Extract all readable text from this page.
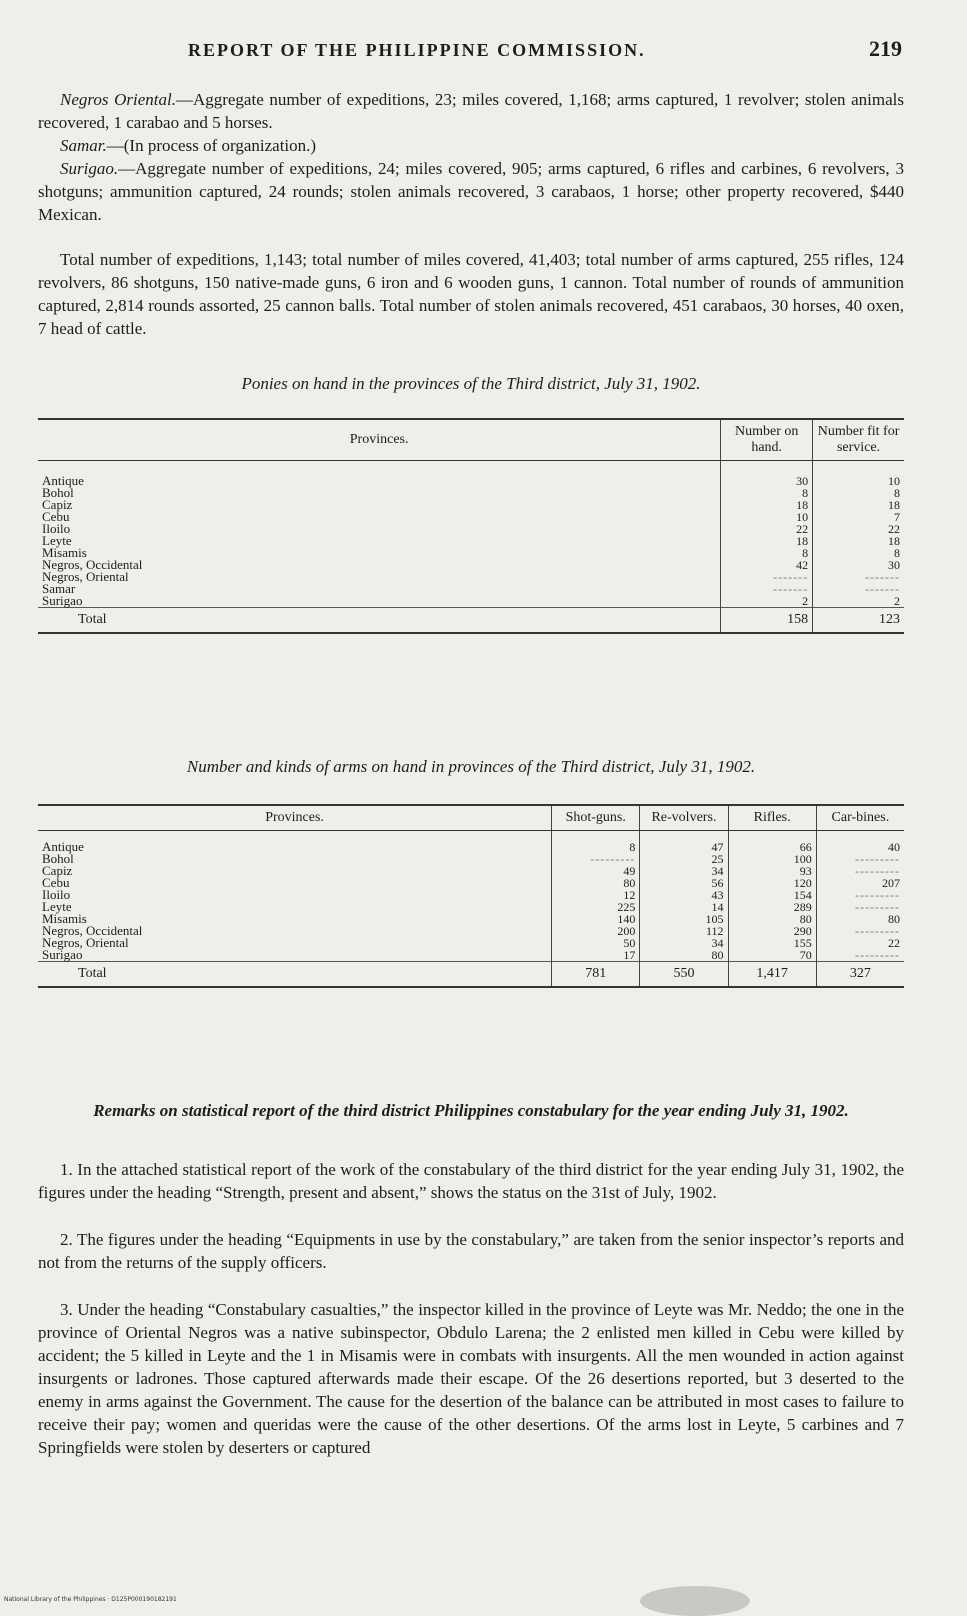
REPORT OF THE PHILIPPINE COMMISSION.	219
Negros Oriental.—Aggregate number of expeditions, 23; miles covered, 1,168; arms captured, 1 revolver; stolen animals recovered, 1 carabao and 5 horses.
Samar.—(In process of organization.)
Surigao.—Aggregate number of expeditions, 24; miles covered, 905; arms captured, 6 rifles and carbines, 6 revolvers, 3 shotguns; ammunition captured, 24 rounds; stolen animals recovered, 3 carabaos, 1 horse; other property recovered, $440 Mexican.
Total number of expeditions, 1,143; total number of miles covered, 41,403; total number of arms captured, 255 rifles, 124 revolvers, 86 shotguns, 150 native-made guns, 6 iron and 6 wooden guns, 1 cannon. Total number of rounds of ammunition captured, 2,814 rounds assorted, 25 cannon balls. Total number of stolen animals recovered, 451 carabaos, 30 horses, 40 oxen, 7 head of cattle.
Ponies on hand in the provinces of the Third district, July 31, 1902.
Provinces.	Number on hand.	Number fit for service.

Antique	30	10
Bohol	8	8
Capiz	18	18
Cebu	10	7
Iloilo	22	22
Leyte	18	18
Misamis	8	8
Negros, Occidental	42	30
Negros, Oriental	-------	-------
Samar	-------	-------
Surigao	2	2
Total	158	123
Number and kinds of arms on hand in provinces of the Third district, July 31, 1902.
Provinces.	Shot-guns.	Re-volvers.	Rifles.	Car-bines.

Antique	8	47	66	40
Bohol	---------	25	100	---------
Capiz	49	34	93	---------
Cebu	80	56	120	207
Iloilo	12	43	154	---------
Leyte	225	14	289	---------
Misamis	140	105	80	80
Negros, Occidental	200	112	290	---------
Negros, Oriental	50	34	155	22
Surigao	17	80	70	---------
Total	781	550	1,417	327
Remarks on statistical report of the third district Philippines constabulary for the year ending July 31, 1902.
1. In the attached statistical report of the work of the constabulary of the third district for the year ending July 31, 1902, the figures under the heading “Strength, present and absent,” shows the status on the 31st of July, 1902.
2. The figures under the heading “Equipments in use by the constabulary,” are taken from the senior inspector’s reports and not from the returns of the supply officers.
3. Under the heading “Constabulary casualties,” the inspector killed in the province of Leyte was Mr. Neddo; the one in the province of Oriental Negros was a native subinspector, Obdulo Larena; the 2 enlisted men killed in Cebu were killed by accident; the 5 killed in Leyte and the 1 in Misamis were in combats with insurgents. All the men wounded in action against insurgents or ladrones. Those captured afterwards made their escape. Of the 26 desertions reported, but 3 deserted to the enemy in arms against the Government. The cause for the desertion of the balance can be attributed in most cases to failure to receive their pay; women and queridas were the cause of the other desertions. Of the arms lost in Leyte, 5 carbines and 7 Springfields were stolen by deserters or captured
National Library of the Philippines · D125P000190182191
